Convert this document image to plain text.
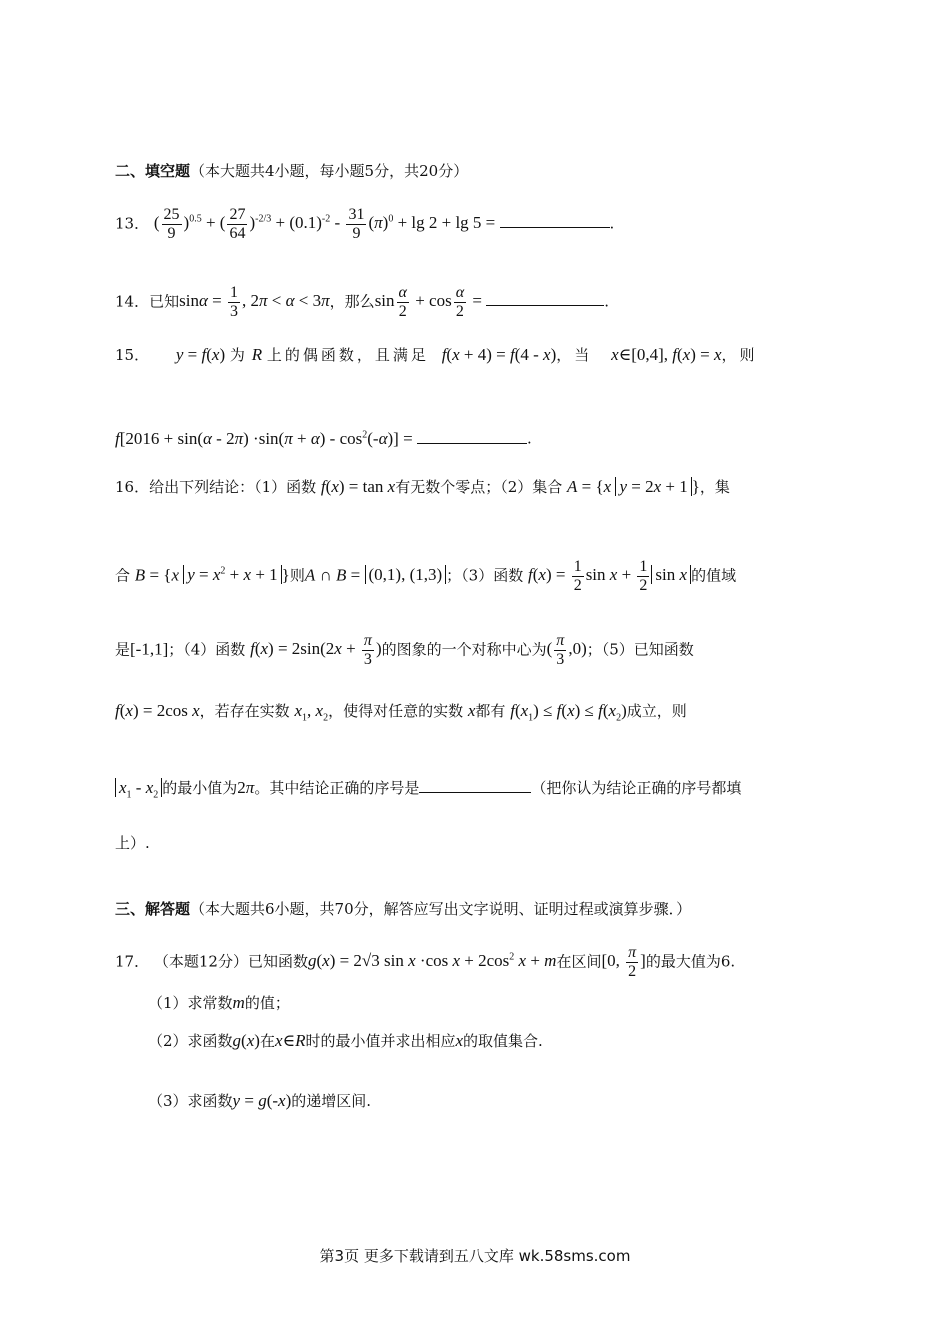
二、填空题（本大题共4小题，每小题5分，共20分）
13． ( $\frac{25}{9} )^{0.5}$ + ( $\frac{27}{64} )^{-2/3} + (0.1)^{-2} - \frac{31}{9} (\pi)^0 + \lg 2 + \lg 5$ =	.
14．已知$\sin\alpha = \frac{1}{3}$ , 2π < α < 3π，那么$\sin \frac{\alpha}{2} + \cos \frac{\alpha}{2}$ =	.
15． y = f(x) 为 R 上的偶函数，且满足 f(x + 4) = f(4 - x)，当 x∈[0,4], f(x) = x，则
$f[2016 + \sin(\alpha - 2\pi) \cdot\sin(\pi + \alpha) - \cos^2(-\alpha)]$ =	.
16．给出下列结论：（1）函数 f(x) = tan x有无数个零点；（2）集合 A = {x y = 2x + 1 }，集
合 B = {x $y = x^2 + x + 1$ }则A ∩ B = (0,1), (1,3) ；（3）函数 $f(x) = \frac{1}{2}$ $\sin x + \frac{1}{2}$ sin x 的值域
是[-1,1]；（4）函数 $f(x) = 2\sin(2x + \frac{\pi}{3}$ )的图象的一个对称中心为( $\frac{\pi}{3} ,0$)；（5）已知函数
f(x) = 2cos x，若存在实数 $x_1$, $x_2$，使得对任意的实数 x都有 $f(x_1) \le f(x) \le f(x_2)$成立，则
$x_1 - x_2$ 的最小值为2π。其中结论正确的序号是	（把你认为结论正确的序号都填
上）.
三、解答题（本大题共6小题，共70分，解答应写出文字说明、证明过程或演算步骤．）
17． （本题12分）已知函数g(x) = 2√3 sin x ·cos $x + 2\cos^2$ x + m在区间[0, $\frac{\pi}{2}$ ]的最大值为6.
（1）求常数m的值；
（2）求函数g(x)在x∈R时的最小值并求出相应x的取值集合.
（3）求函数y = g(-x)的递增区间.
第3页 更多下载请到五八文库 wk.58sms.com
